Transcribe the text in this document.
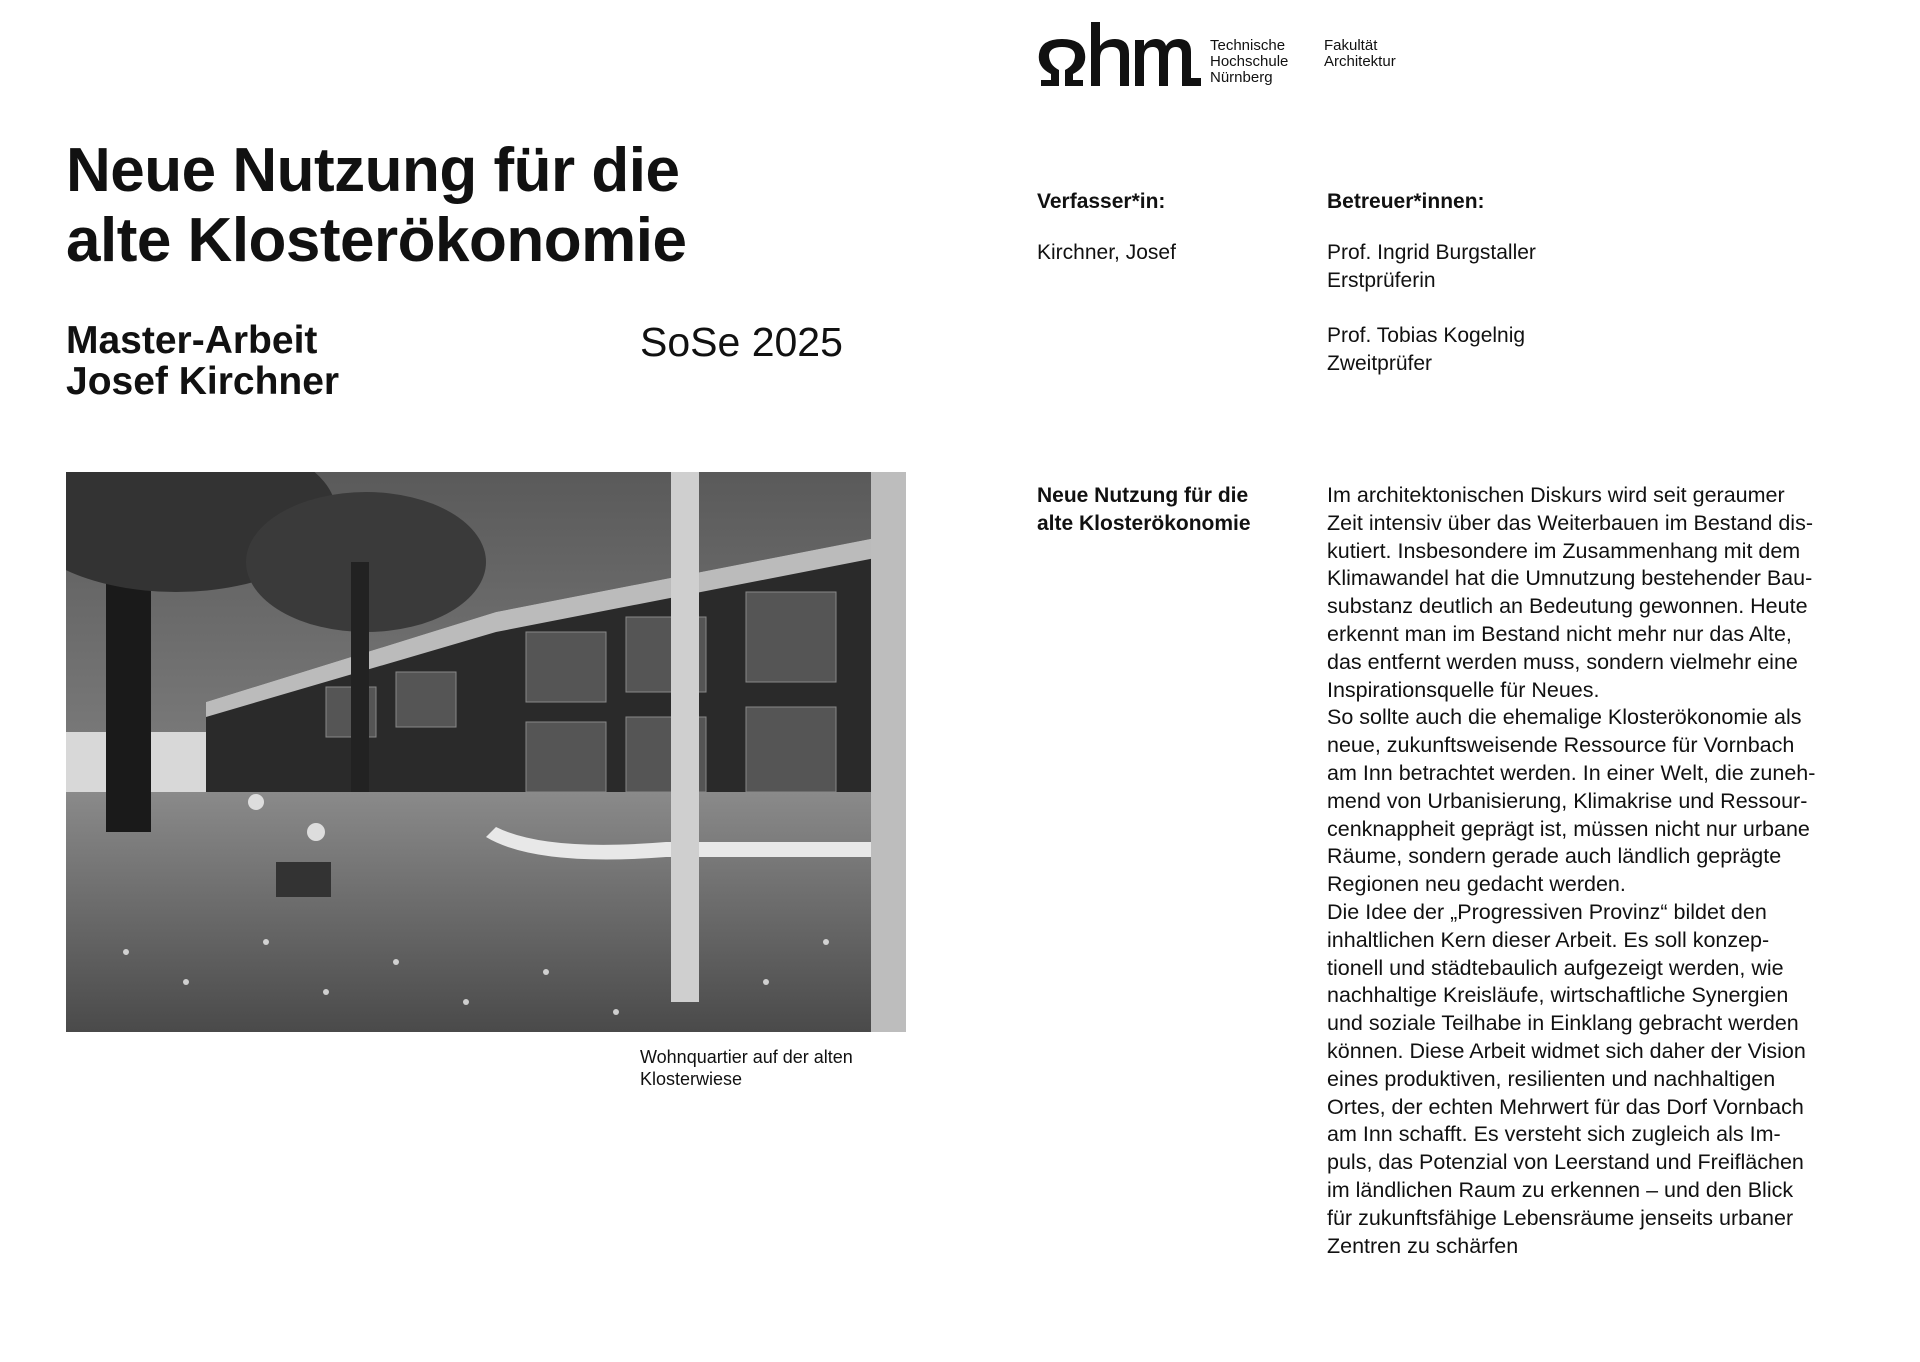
Neue Nutzung für die
alte Klosterökonomie
Master-Arbeit
Josef Kirchner
SoSe 2025
Wohnquartier auf der alten
Klosterwiese
Technische
Hochschule
Nürnberg
Fakultät
Architektur
Verfasser*in:
Kirchner, Josef
Betreuer*innen:
Prof. Ingrid Burgstaller
Erstprüferin
Prof. Tobias Kogelnig
Zweitprüfer
Neue Nutzung für die
alte Klosterökonomie
Im architektonischen Diskurs wird seit geraumer
Zeit intensiv über das Weiterbauen im Bestand dis-
kutiert. Insbesondere im Zusammenhang mit dem
Klimawandel hat die Umnutzung bestehender Bau-
substanz deutlich an Bedeutung gewonnen. Heute
erkennt man im Bestand nicht mehr nur das Alte,
das entfernt werden muss, sondern vielmehr eine
Inspirationsquelle für Neues.
So sollte auch die ehemalige Klosterökonomie als
neue, zukunftsweisende Ressource für Vornbach
am Inn betrachtet werden. In einer Welt, die zuneh-
mend von Urbanisierung, Klimakrise und Ressour-
cenknappheit geprägt ist, müssen nicht nur urbane
Räume, sondern gerade auch ländlich geprägte
Regionen neu gedacht werden.
Die Idee der „Progressiven Provinz“ bildet den
inhaltlichen Kern dieser Arbeit. Es soll konzep-
tionell und städtebaulich aufgezeigt werden, wie
nachhaltige Kreisläufe, wirtschaftliche Synergien
und soziale Teilhabe in Einklang gebracht werden
können. Diese Arbeit widmet sich daher der Vision
eines produktiven, resilienten und nachhaltigen
Ortes, der echten Mehrwert für das Dorf Vornbach
am Inn schafft. Es versteht sich zugleich als Im-
puls, das Potenzial von Leerstand und Freiflächen
im ländlichen Raum zu erkennen – und den Blick
für zukunftsfähige Lebensräume jenseits urbaner
Zentren zu schärfen
